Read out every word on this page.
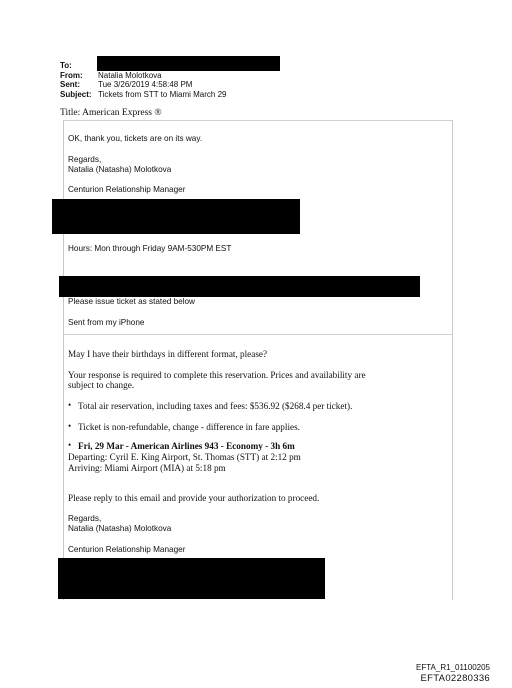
To:
From: Natalia Molotkova
Sent: Tue 3/26/2019 4:58:48 PM
Subject: Tickets from STT to Miami March 29
Title: American Express ®
OK, thank you, tickets are on its way.
Regards,
Natalia (Natasha) Molotkova
Centurion Relationship Manager
Hours: Mon through Friday 9AM-530PM EST
Please issue ticket as stated below
Sent from my iPhone
May I have their birthdays in different format, please?
Your response is required to complete this reservation. Prices and availability are
subject to change.
• Total air reservation, including taxes and fees: $536.92 ($268.4 per ticket).
• Ticket is non-refundable, change - difference in fare applies.
• Fri, 29 Mar - American Airlines 943 - Economy - 3h 6m
Departing: Cyril E. King Airport, St. Thomas (STT) at 2:12 pm
Arriving: Miami Airport (MIA) at 5:18 pm
Please reply to this email and provide your authorization to proceed.
Regards,
Natalia (Natasha) Molotkova
Centurion Relationship Manager
EFTA_R1_01100205
EFTA02280336
